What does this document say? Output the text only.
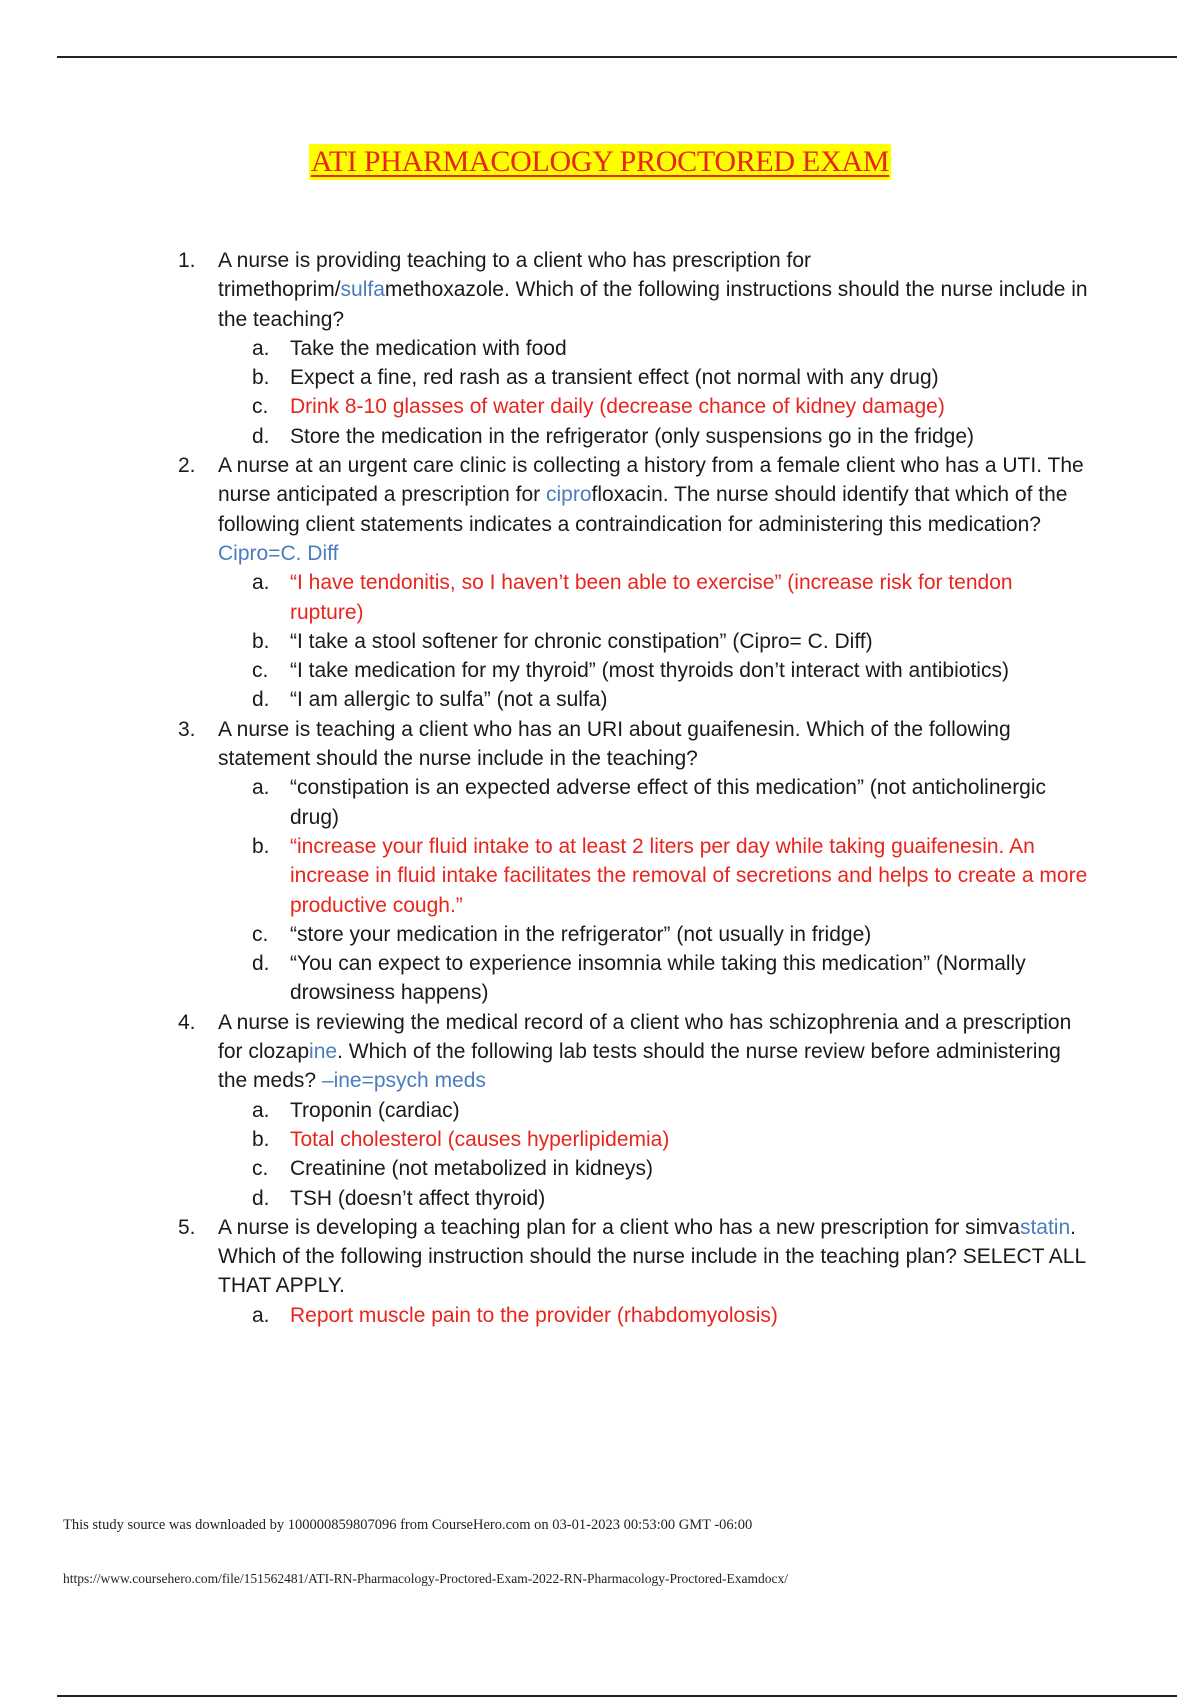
ATI PHARMACOLOGY PROCTORED EXAM
1.	A nurse is providing teaching to a client who has prescription for trimethoprim/sulfamethoxazole. Which of the following instructions should the nurse include in the teaching?
a. Take the medication with food
b. Expect a fine, red rash as a transient effect (not normal with any drug)
c. Drink 8-10 glasses of water daily (decrease chance of kidney damage)
d. Store the medication in the refrigerator (only suspensions go in the fridge)
2.	A nurse at an urgent care clinic is collecting a history from a female client who has a UTI. The nurse anticipated a prescription for ciprofloxacin. The nurse should identify that which of the following client statements indicates a contraindication for administering this medication? Cipro=C. Diff
a. “I have tendonitis, so I haven’t been able to exercise” (increase risk for tendon rupture)
b. “I take a stool softener for chronic constipation” (Cipro= C. Diff)
c. “I take medication for my thyroid” (most thyroids don’t interact with antibiotics)
d. “I am allergic to sulfa” (not a sulfa)
3.	A nurse is teaching a client who has an URI about guaifenesin. Which of the following statement should the nurse include in the teaching?
a. “constipation is an expected adverse effect of this medication” (not anticholinergic drug)
b. “increase your fluid intake to at least 2 liters per day while taking guaifenesin. An increase in fluid intake facilitates the removal of secretions and helps to create a more productive cough.”
c. “store your medication in the refrigerator” (not usually in fridge)
d. “You can expect to experience insomnia while taking this medication” (Normally drowsiness happens)
4.	A nurse is reviewing the medical record of a client who has schizophrenia and a prescription for clozapine. Which of the following lab tests should the nurse review before administering the meds? –ine=psych meds
a. Troponin (cardiac)
b. Total cholesterol (causes hyperlipidemia)
c. Creatinine (not metabolized in kidneys)
d. TSH (doesn’t affect thyroid)
5.	A nurse is developing a teaching plan for a client who has a new prescription for simvastatin. Which of the following instruction should the nurse include in the teaching plan? SELECT ALL THAT APPLY.
a. Report muscle pain to the provider (rhabdomyolosis)
This study source was downloaded by 100000859807096 from CourseHero.com on 03-01-2023 00:53:00 GMT -06:00
https://www.coursehero.com/file/151562481/ATI-RN-Pharmacology-Proctored-Exam-2022-RN-Pharmacology-Proctored-Examdocx/
